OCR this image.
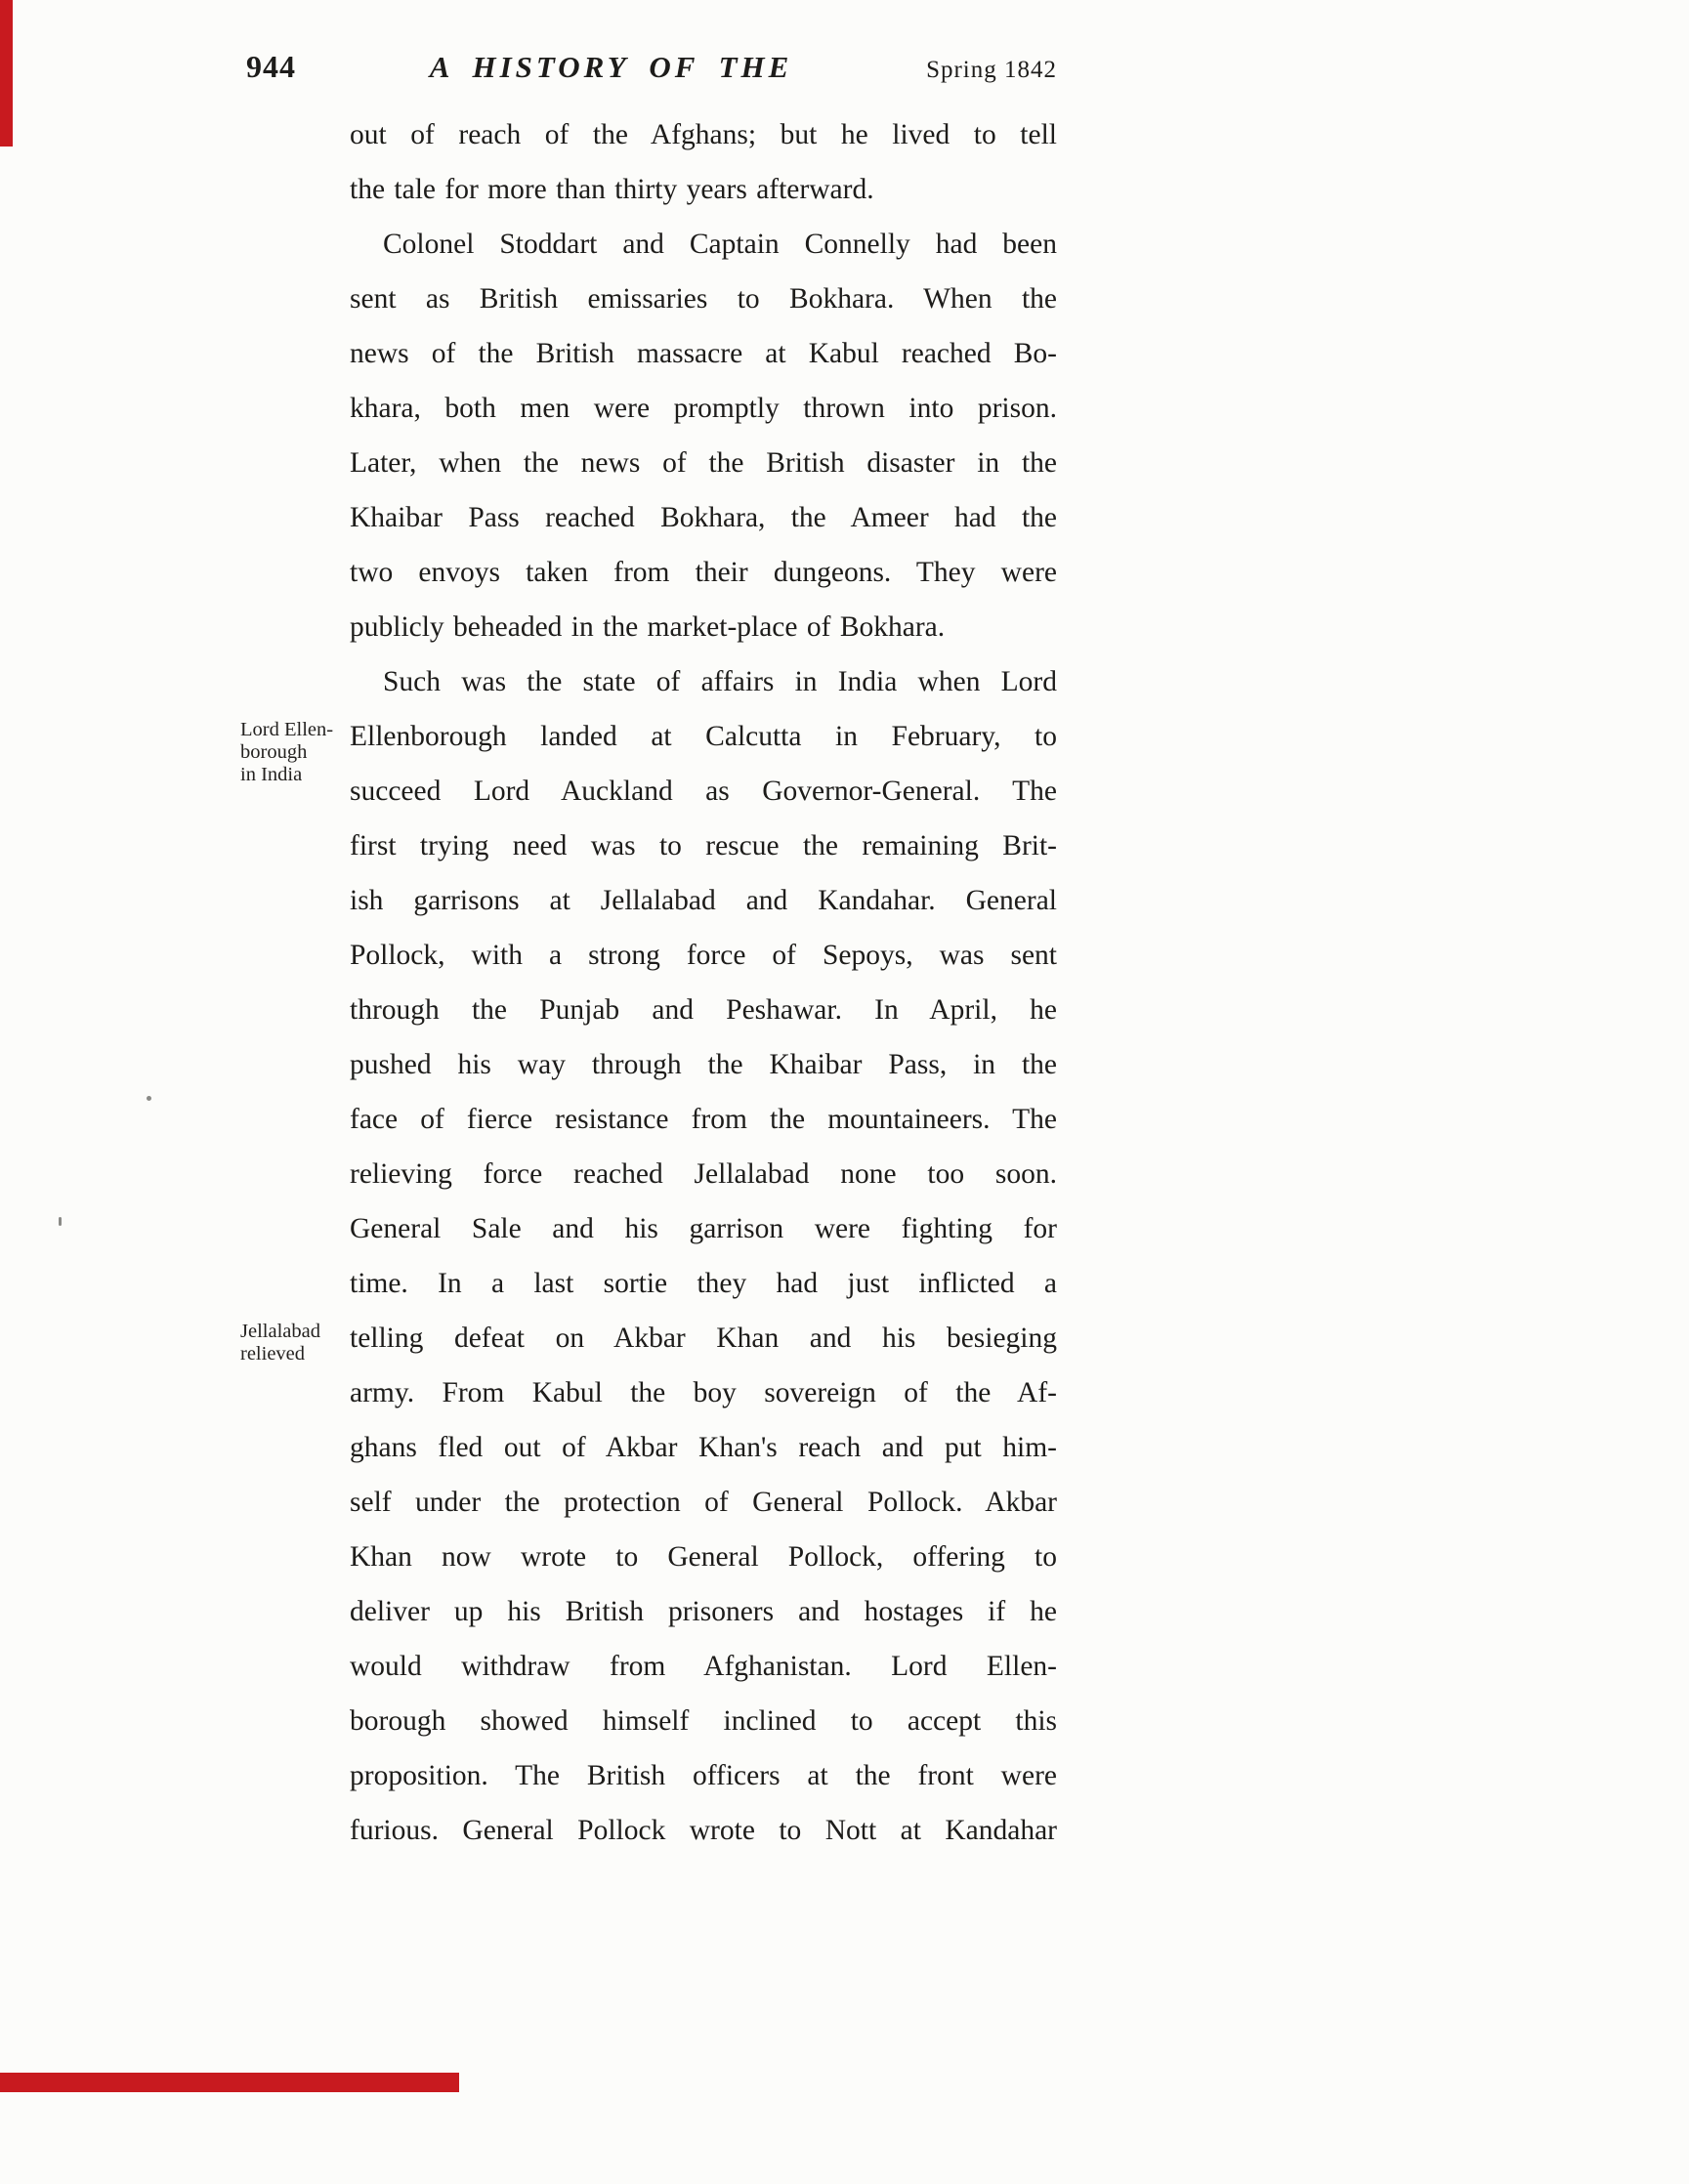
944	A HISTORY OF THE	Spring 1842
out of reach of the Afghans; but he lived to tell
the tale for more than thirty years afterward.
Colonel Stoddart and Captain Connelly had been
sent as British emissaries to Bokhara. When the
news of the British massacre at Kabul reached Bo-
khara, both men were promptly thrown into prison.
Later, when the news of the British disaster in the
Khaibar Pass reached Bokhara, the Ameer had the
two envoys taken from their dungeons. They were
publicly beheaded in the market-place of Bokhara.
Such was the state of affairs in India when Lord
Ellenborough landed at Calcutta in February, to
succeed Lord Auckland as Governor-General. The
first trying need was to rescue the remaining Brit-
ish garrisons at Jellalabad and Kandahar. General
Pollock, with a strong force of Sepoys, was sent
through the Punjab and Peshawar. In April, he
pushed his way through the Khaibar Pass, in the
face of fierce resistance from the mountaineers. The
relieving force reached Jellalabad none too soon.
General Sale and his garrison were fighting for
time. In a last sortie they had just inflicted a
telling defeat on Akbar Khan and his besieging
army. From Kabul the boy sovereign of the Af-
ghans fled out of Akbar Khan's reach and put him-
self under the protection of General Pollock. Akbar
Khan now wrote to General Pollock, offering to
deliver up his British prisoners and hostages if he
would withdraw from Afghanistan. Lord Ellen-
borough showed himself inclined to accept this
proposition. The British officers at the front were
furious. General Pollock wrote to Nott at Kandahar
Lord Ellen-
borough
in India
Jellalabad
relieved
